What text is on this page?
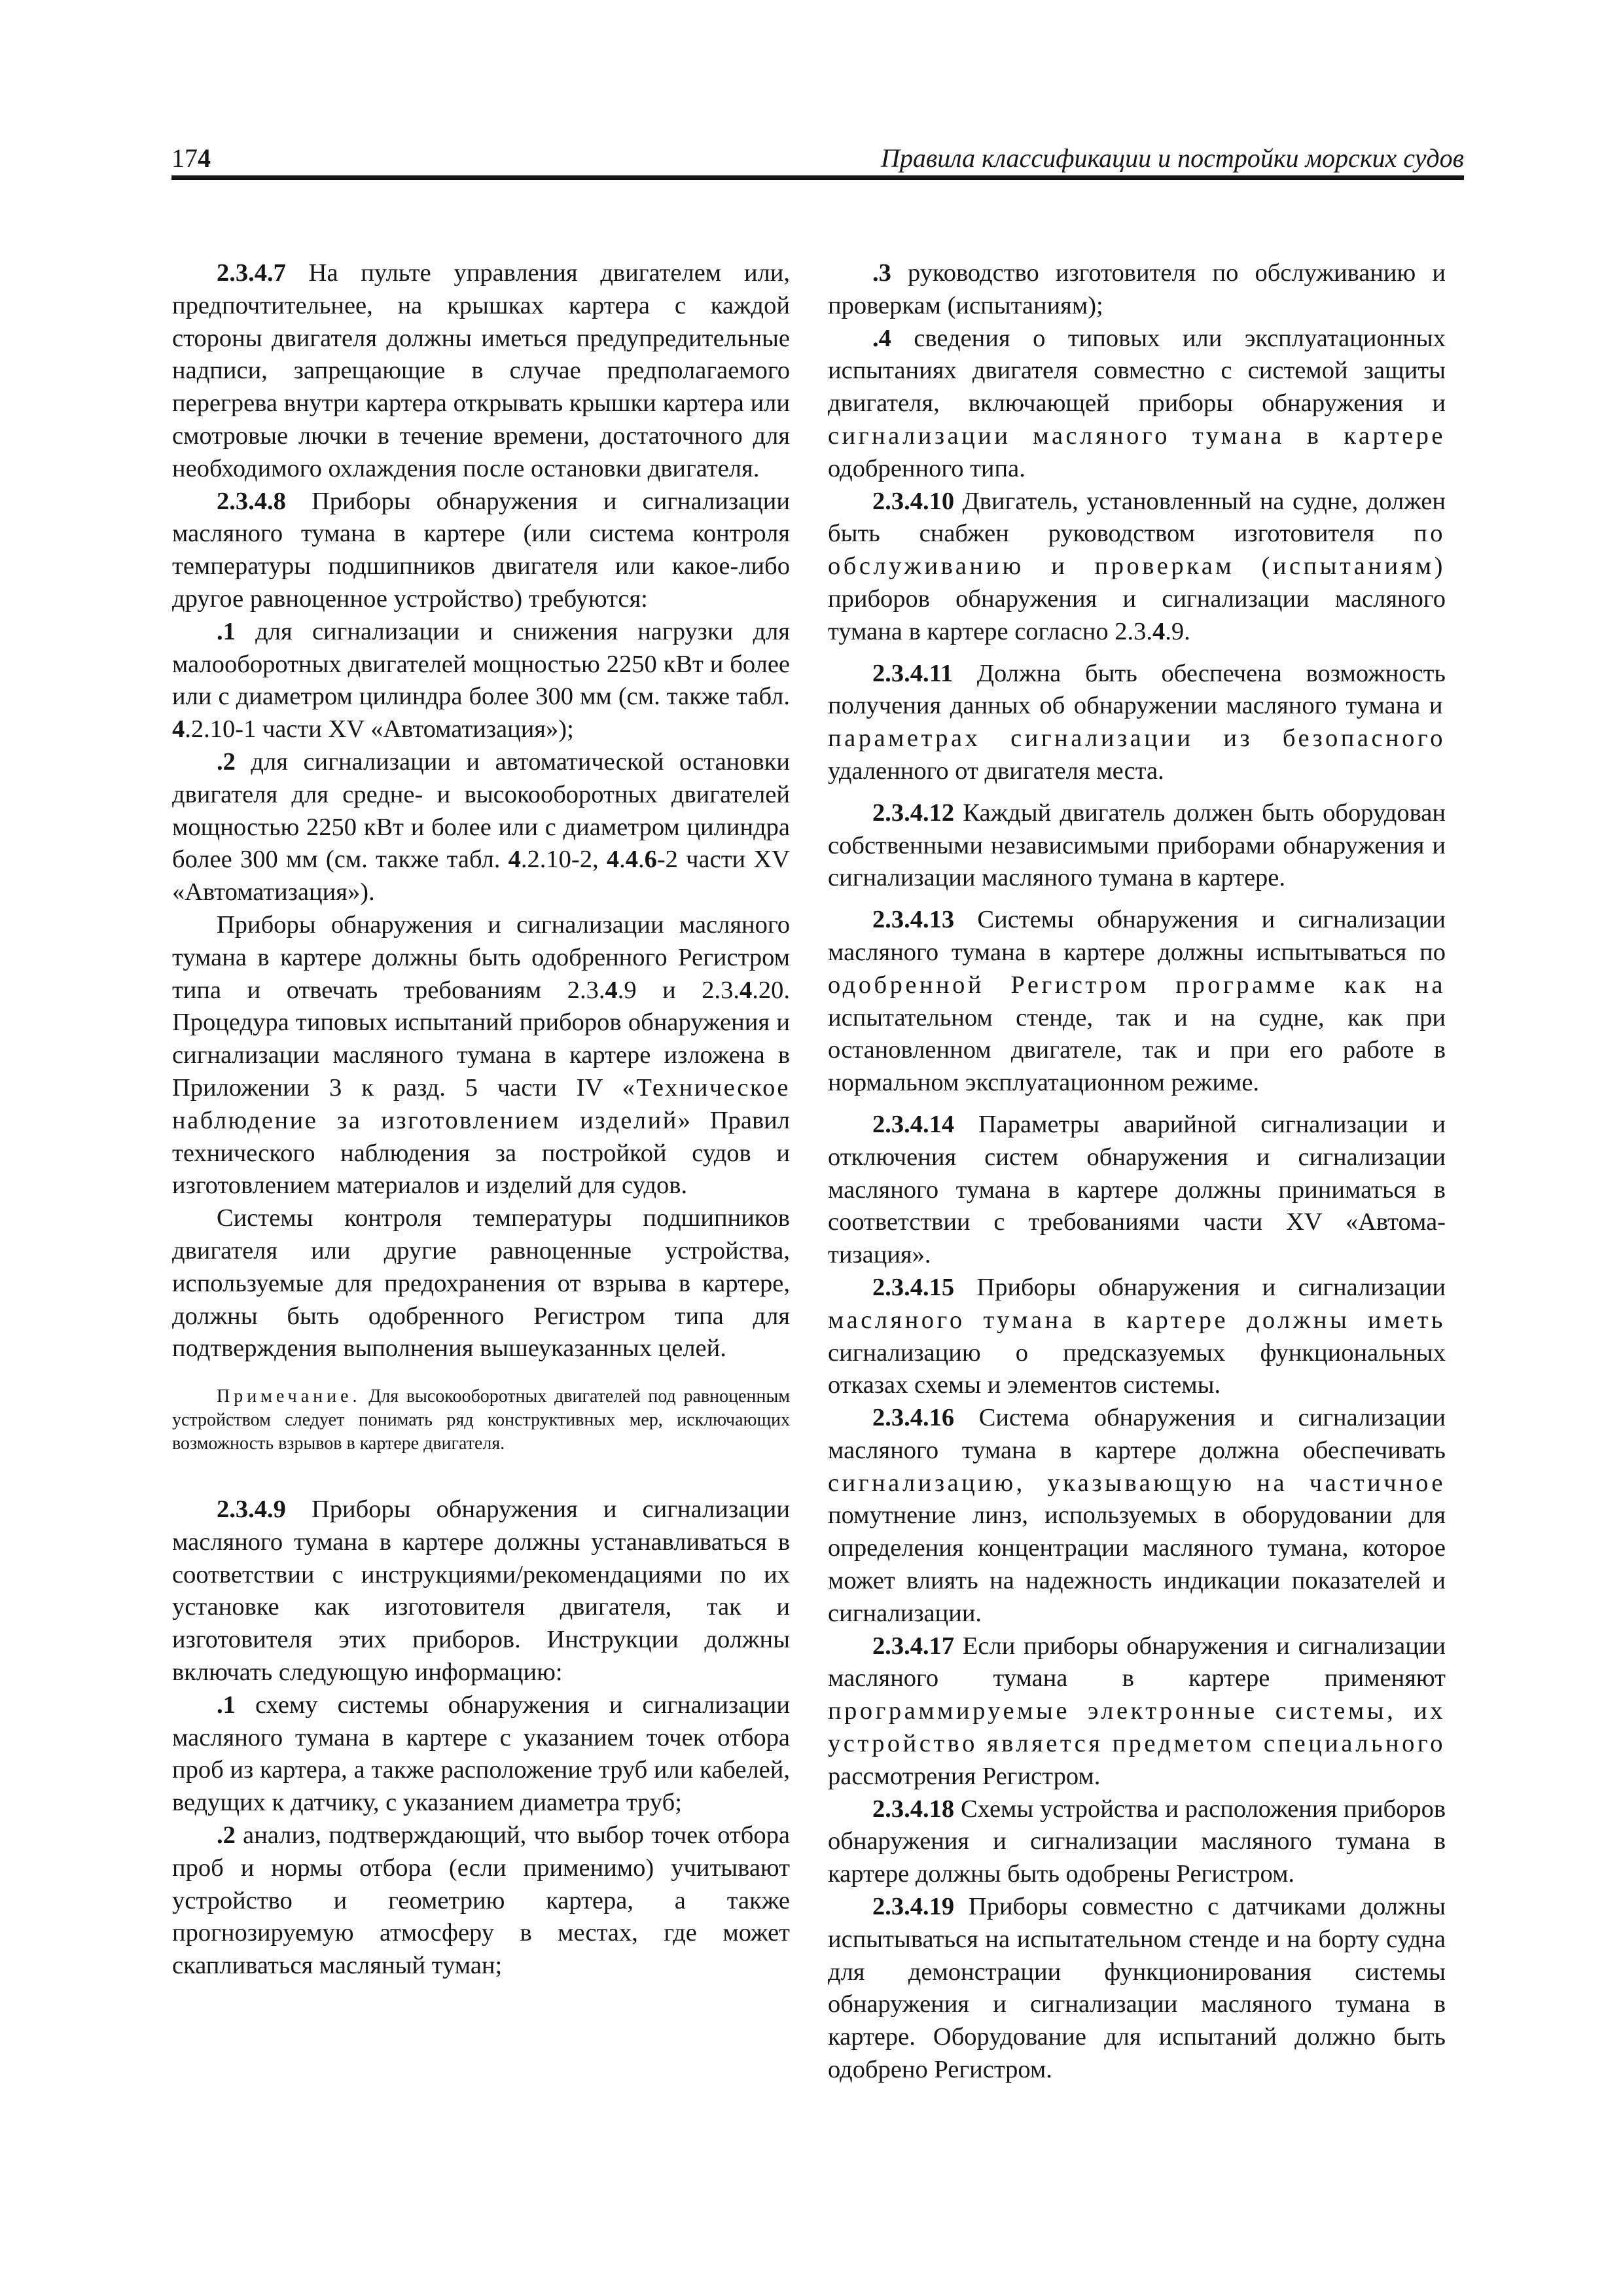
174	Правила классификации и постройки морских судов

2.3.4.7 На пульте управления двигателем или, предпочтительнее, на крышках картера с каждой стороны двигателя должны иметься предупредительные надписи, запрещающие в случае предполагаемого перегрева внутри картера открывать крышки картера или смотровые лючки в течение времени, достаточного для необходимого охлаждения после остановки двигателя.

2.3.4.8 Приборы обнаружения и сигнализации масляного тумана в картере (или система контроля температуры подшипников двигателя или какое-либо другое равноценное устройство) требуются:

.1 для сигнализации и снижения нагрузки для малооборотных двигателей мощностью 2250 кВт и более или с диаметром цилиндра более 300 мм (см. также табл. 4.2.10-1 части XV «Автоматизация»);

.2 для сигнализации и автоматической остановки двигателя для средне- и высокооборотных двигателей мощностью 2250 кВт и более или с диаметром цилиндра более 300 мм (см. также табл. 4.2.10-2, 4.4.6-2 части XV «Автоматизация»).

Приборы обнаружения и сигнализации масляного тумана в картере должны быть одобренного Регистром типа и отвечать требованиям 2.3.4.9 и 2.3.4.20. Процедура типовых испытаний приборов обнаружения и сигнализации масляного тумана в картере изложена в Приложении 3 к разд. 5 части IV «Техническое наблюдение за изготовлением изделий» Правил технического наблюдения за постройкой судов и изготовлением материалов и изделий для судов.

Системы контроля температуры подшипников двигателя или другие равноценные устройства, используемые для предохранения от взрыва в картере, должны быть одобренного Регистром типа для подтверждения выполнения вышеуказанных целей.

Примечание. Для высокооборотных двигателей под равноценным устройством следует понимать ряд конструктивных мер, исключающих возможность взрывов в картере двигателя.

2.3.4.9 Приборы обнаружения и сигнализации масляного тумана в картере должны устанавливаться в соответствии с инструкциями/рекомендациями по их установке как изготовителя двигателя, так и изготовителя этих приборов. Инструкции должны включать следующую информацию:

.1 схему системы обнаружения и сигнализации масляного тумана в картере с указанием точек отбора проб из картера, а также расположение труб или кабелей, ведущих к датчику, с указанием диаметра труб;

.2 анализ, подтверждающий, что выбор точек отбора проб и нормы отбора (если применимо) учитывают устройство и геометрию картера, а также прогнозируемую атмосферу в местах, где может скапливаться масляный туман;

.3 руководство изготовителя по обслуживанию и проверкам (испытаниям);

.4 сведения о типовых или эксплуатационных испытаниях двигателя совместно с системой защиты двигателя, включающей приборы обнаружения и сигнализации масляного тумана в картере одобренного типа.

2.3.4.10 Двигатель, установленный на судне, должен быть снабжен руководством изготовителя по обслуживанию и проверкам (испытаниям) приборов обнаружения и сигнализации масляного тумана в картере согласно 2.3.4.9.

2.3.4.11 Должна быть обеспечена возможность получения данных об обнаружении масляного тумана и параметрах сигнализации из безопасного удаленного от двигателя места.

2.3.4.12 Каждый двигатель должен быть оборудован собственными независимыми приборами обнаружения и сигнализации масляного тумана в картере.

2.3.4.13 Системы обнаружения и сигнализации масляного тумана в картере должны испытываться по одобренной Регистром программе как на испытательном стенде, так и на судне, как при остановленном двигателе, так и при его работе в нормальном эксплуатационном режиме.

2.3.4.14 Параметры аварийной сигнализации и отключения систем обнаружения и сигнализации масляного тумана в картере должны приниматься в соответствии с требованиями части XV «Автоматизация».

2.3.4.15 Приборы обнаружения и сигнализации масляного тумана в картере должны иметь сигнализацию о предсказуемых функциональных отказах схемы и элементов системы.

2.3.4.16 Система обнаружения и сигнализации масляного тумана в картере должна обеспечивать сигнализацию, указывающую на частичное помутнение линз, используемых в оборудовании для определения концентрации масляного тумана, которое может влиять на надежность индикации показателей и сигнализации.

2.3.4.17 Если приборы обнаружения и сигнализации масляного тумана в картере применяют программируемые электронные системы, их устройство является предметом специального рассмотрения Регистром.

2.3.4.18 Схемы устройства и расположения приборов обнаружения и сигнализации масляного тумана в картере должны быть одобрены Регистром.

2.3.4.19 Приборы совместно с датчиками должны испытываться на испытательном стенде и на борту судна для демонстрации функционирования системы обнаружения и сигнализации масляного тумана в картере. Оборудование для испытаний должно быть одобрено Регистром.
